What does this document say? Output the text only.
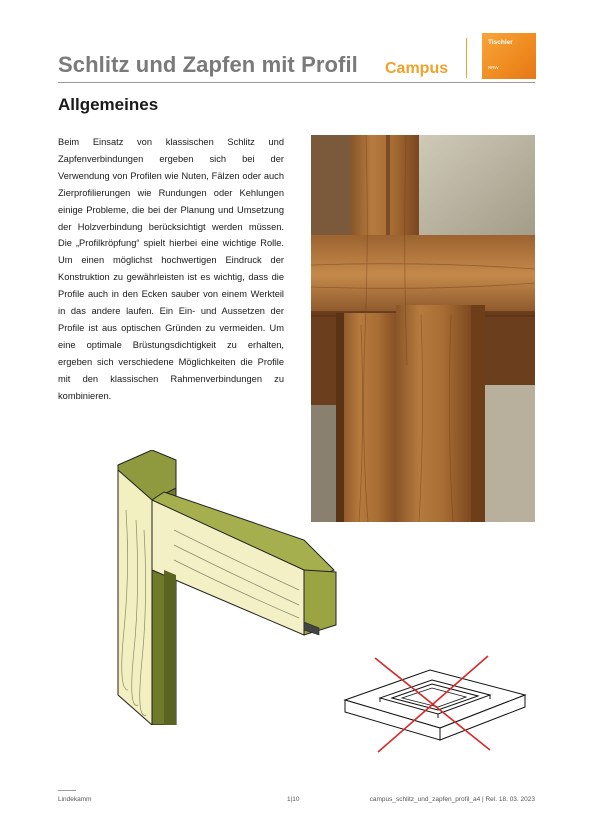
Schlitz und Zapfen mit Profil Campus
Tischler
NRW
Allgemeines
Beim Einsatz von klassischen Schlitz und Zapfenverbindungen ergeben sich bei der Verwendung von Profilen wie Nuten, Fälzen oder auch Zierprofilierungen wie Rundungen oder Kehlungen einige Probleme, die bei der Planung und Umsetzung der Holzverbindung berücksichtigt werden müssen. Die „Profilkröpfung“ spielt hierbei eine wichtige Rolle. Um einen möglichst hochwertigen Eindruck der Konstruktion zu gewährleisten ist es wichtig, dass die Profile auch in den Ecken sauber von einem Werkteil in das andere laufen. Ein Ein- und Aussetzen der Profile ist aus optischen Gründen zu vermeiden. Um eine optimale Brüstungsdichtigkeit zu erhalten, ergeben sich verschiedene Möglichkeiten die Profile mit den klassischen Rahmenverbindungen zu kombinieren.
Lindekamm	1|10	campus_schlitz_und_zapfen_profil_a4 | Rel. 18. 03. 2023
